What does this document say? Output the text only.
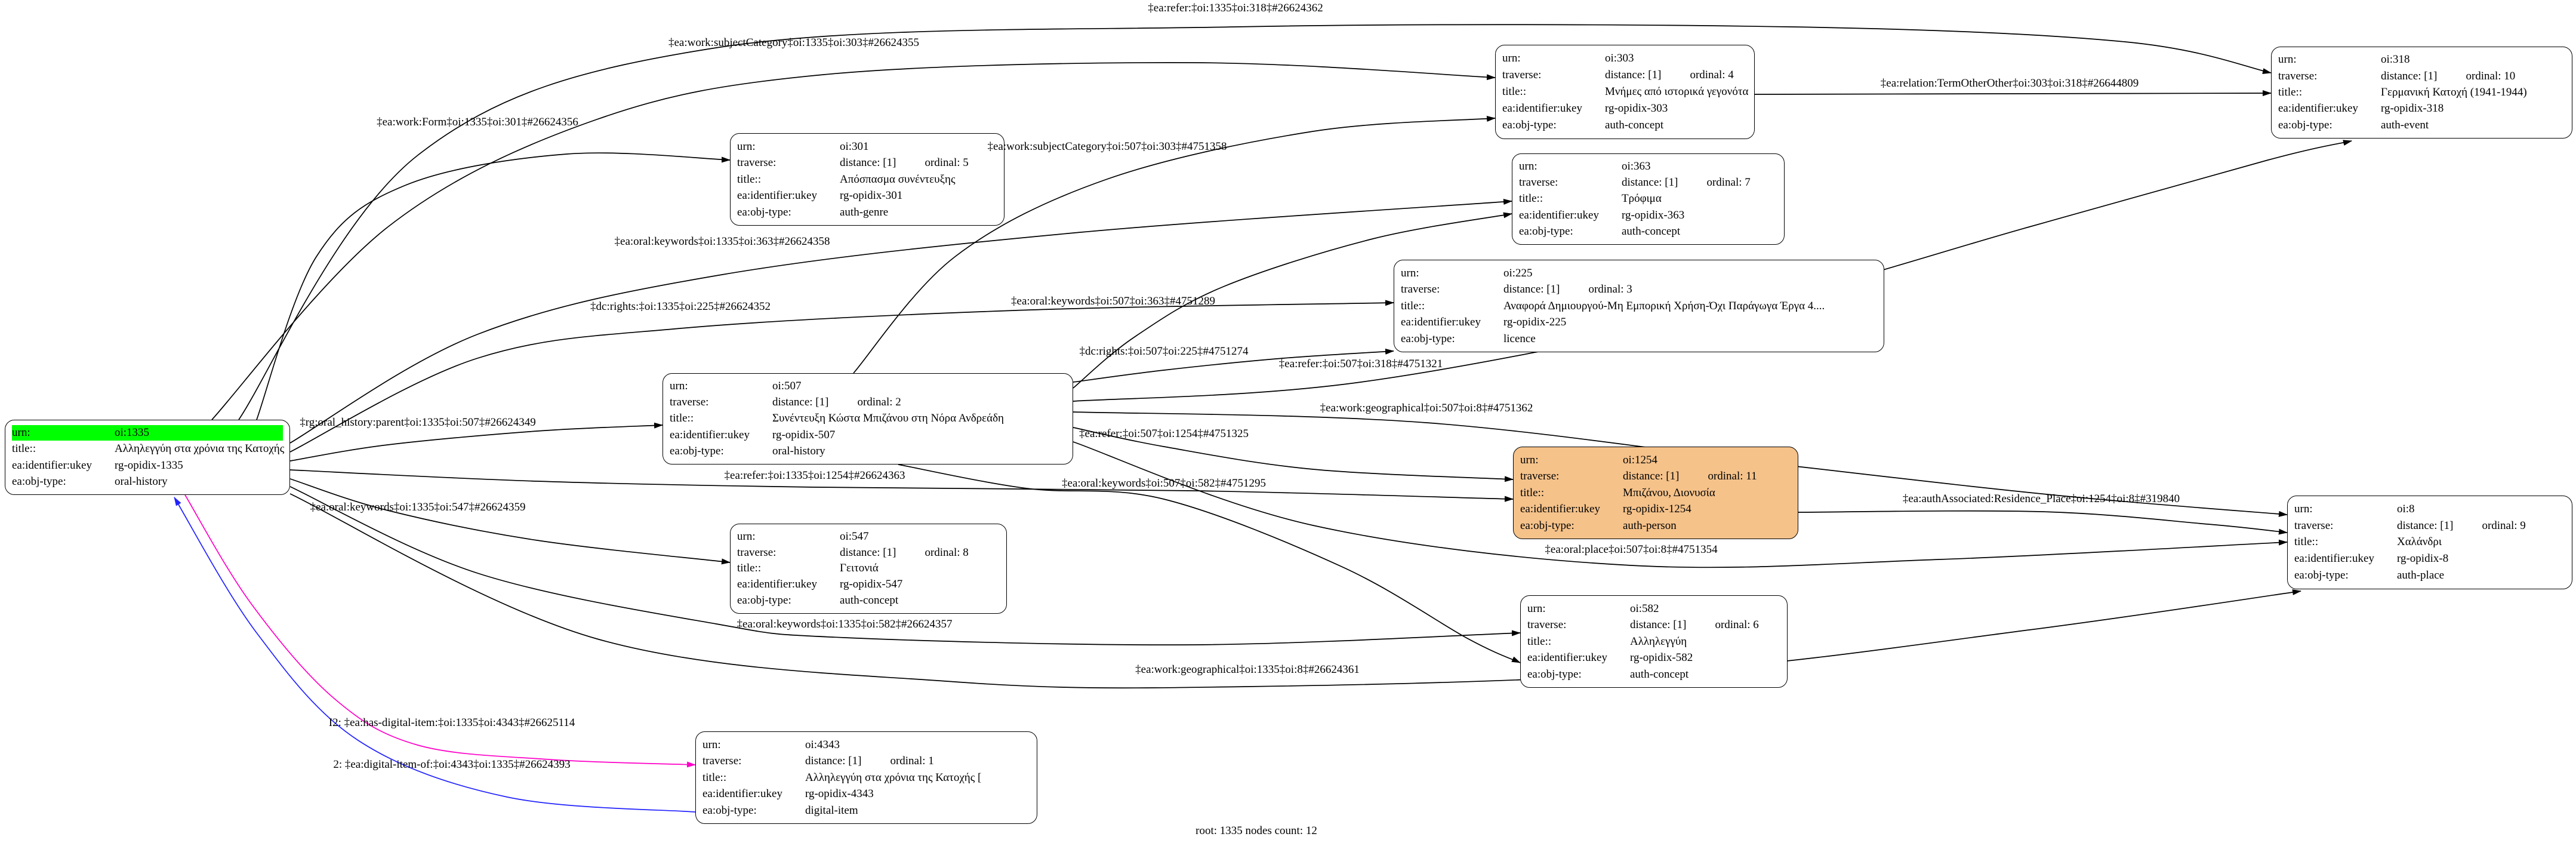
urn:	oi:1335
title::	Αλληλεγγύη στα χρόνια της Κατοχής
ea:identifier:ukey	rg-opidix-1335
ea:obj-type:	oral-history
urn:	oi:4343
traverse:	distance: [1]	ordinal: 1
title::	Αλληλεγγύη στα χρόνια της Κατοχής [
ea:identifier:ukey	rg-opidix-4343
ea:obj-type:	digital-item
urn:	oi:507
traverse:	distance: [1]	ordinal: 2
title::	Συνέντευξη Κώστα Μπιζάνου στη Νόρα Ανδρεάδη
ea:identifier:ukey	rg-opidix-507
ea:obj-type:	oral-history
urn:	oi:225
traverse:	distance: [1]	ordinal: 3
title::	Αναφορά Δημιουργού-Μη Εμπορική Χρήση-Όχι Παράγωγα Έργα 4....
ea:identifier:ukey	rg-opidix-225
ea:obj-type:	licence
urn:	oi:303
traverse:	distance: [1]	ordinal: 4
title::	Μνήμες από ιστορικά γεγονότα
ea:identifier:ukey	rg-opidix-303
ea:obj-type:	auth-concept
urn:	oi:301
traverse:	distance: [1]	ordinal: 5
title::	Απόσπασμα συνέντευξης
ea:identifier:ukey	rg-opidix-301
ea:obj-type:	auth-genre
urn:	oi:582
traverse:	distance: [1]	ordinal: 6
title::	Αλληλεγγύη
ea:identifier:ukey	rg-opidix-582
ea:obj-type:	auth-concept
urn:	oi:363
traverse:	distance: [1]	ordinal: 7
title::	Τρόφιμα
ea:identifier:ukey	rg-opidix-363
ea:obj-type:	auth-concept
urn:	oi:547
traverse:	distance: [1]	ordinal: 8
title::	Γειτονιά
ea:identifier:ukey	rg-opidix-547
ea:obj-type:	auth-concept
urn:	oi:8
traverse:	distance: [1]	ordinal: 9
title::	Χαλάνδρι
ea:identifier:ukey	rg-opidix-8
ea:obj-type:	auth-place
urn:	oi:318
traverse:	distance: [1]	ordinal: 10
title::	Γερμανική Κατοχή (1941-1944)
ea:identifier:ukey	rg-opidix-318
ea:obj-type:	auth-event
urn:	oi:1254
traverse:	distance: [1]	ordinal: 11
title::	Μπιζάνου, Διονυσία
ea:identifier:ukey	rg-opidix-1254
ea:obj-type:	auth-person
‡ea:refer:‡oi:1335‡oi:318‡#26624362
‡ea:work:subjectCategory‡oi:1335‡oi:303‡#26624355
‡ea:work:Form‡oi:1335‡oi:301‡#26624356
‡ea:oral:keywords‡oi:1335‡oi:363‡#26624358
‡dc:rights:‡oi:1335‡oi:225‡#26624352
‡rg:oral_history:parent‡oi:1335‡oi:507‡#26624349
‡ea:refer:‡oi:1335‡oi:1254‡#26624363
‡ea:oral:keywords‡oi:1335‡oi:547‡#26624359
‡ea:oral:keywords‡oi:1335‡oi:582‡#26624357
‡ea:work:geographical‡oi:1335‡oi:8‡#26624361
I2: ‡ea:has-digital-item:‡oi:1335‡oi:4343‡#26625114
2: ‡ea:digital-item-of:‡oi:4343‡oi:1335‡#26624393
‡ea:work:subjectCategory‡oi:507‡oi:303‡#4751358
‡ea:oral:keywords‡oi:507‡oi:363‡#4751289
‡dc:rights:‡oi:507‡oi:225‡#4751274
‡ea:refer:‡oi:507‡oi:318‡#4751321
‡ea:work:geographical‡oi:507‡oi:8‡#4751362
‡ea:refer:‡oi:507‡oi:1254‡#4751325
‡ea:oral:keywords‡oi:507‡oi:582‡#4751295
‡ea:oral:place‡oi:507‡oi:8‡#4751354
‡ea:relation:TermOtherOther‡oi:303‡oi:318‡#26644809
‡ea:authAssociated:Residence_Place‡oi:1254‡oi:8‡#319840
root: 1335 nodes count: 12
